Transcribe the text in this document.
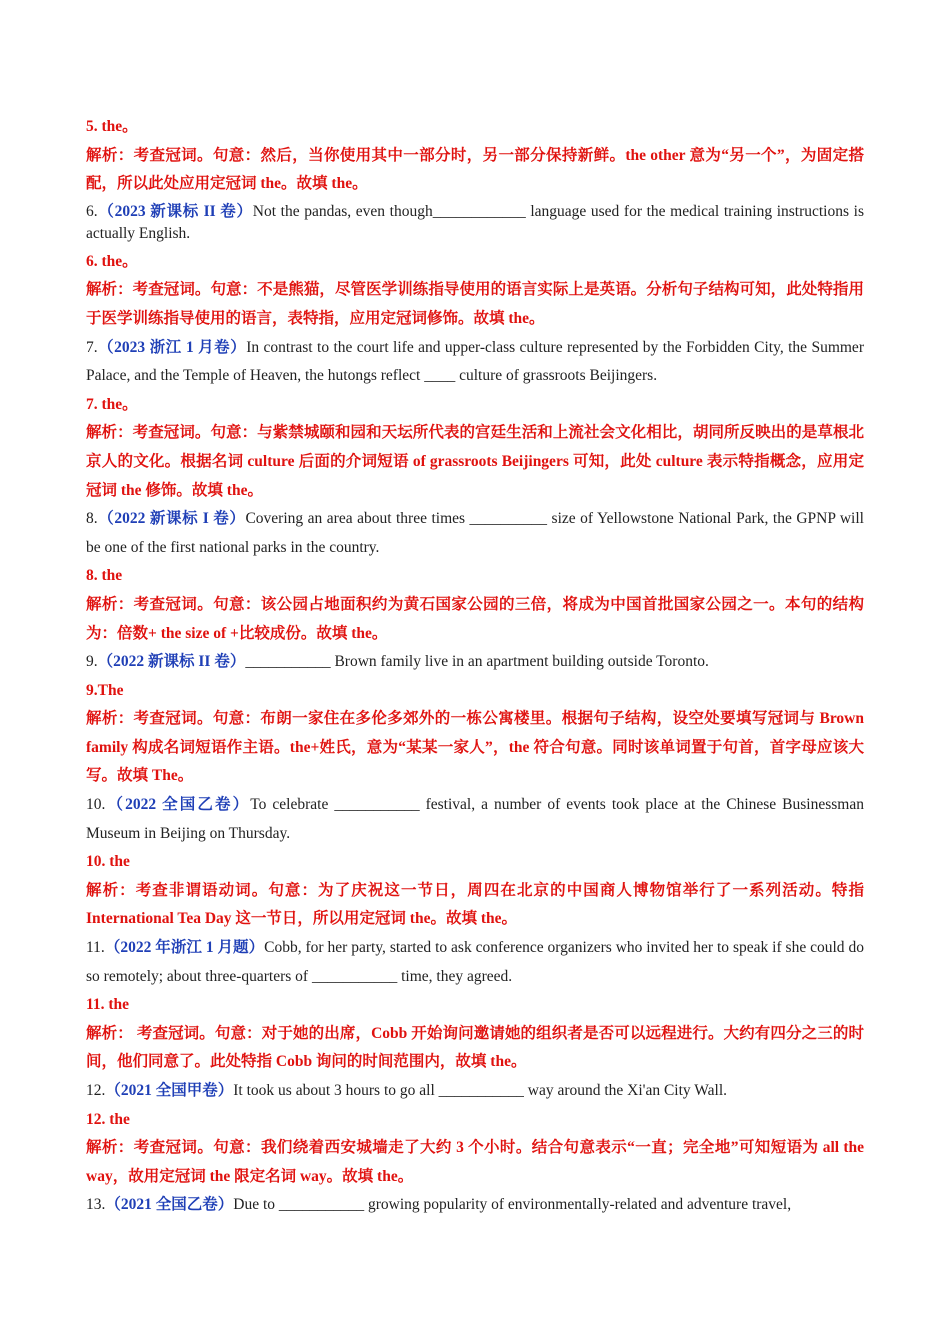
5. the。

解析：考查冠词。句意：然后，当你使用其中一部分时，另一部分保持新鲜。the other 意为“另一个”，为固定搭配，所以此处应用定冠词 the。故填 the。

6.（2023 新课标 II 卷）Not the pandas, even though____________ language used for the medical training instructions is actually English.

6. the。

解析：考查冠词。句意：不是熊猫，尽管医学训练指导使用的语言实际上是英语。分析句子结构可知，此处特指用于医学训练指导使用的语言，表特指，应用定冠词修饰。故填 the。

7.（2023 浙江 1 月卷）In contrast to the court life and upper-class culture represented by the Forbidden City, the Summer Palace, and the Temple of Heaven, the hutongs reflect ____ culture of grassroots Beijingers.

7. the。

解析：考查冠词。句意：与紫禁城颐和园和天坛所代表的宫廷生活和上流社会文化相比，胡同所反映出的是草根北京人的文化。根据名词 culture 后面的介词短语 of grassroots Beijingers 可知，此处 culture 表示特指概念，应用定冠词 the 修饰。故填 the。

8.（2022 新课标 I 卷）Covering an area about three times __________ size of Yellowstone National Park, the GPNP will be one of the first national parks in the country.

8. the

解析：考查冠词。句意：该公园占地面积约为黄石国家公园的三倍，将成为中国首批国家公园之一。本句的结构为：倍数+ the size of +比较成份。故填 the。

9.（2022 新课标 II 卷）___________ Brown family live in an apartment building outside Toronto.

9.The

解析：考查冠词。句意：布朗一家住在多伦多郊外的一栋公寓楼里。根据句子结构，设空处要填写冠词与 Brown family 构成名词短语作主语。the+姓氏，意为“某某一家人”，the 符合句意。同时该单词置于句首，首字母应该大写。故填 The。

10.（2022 全国乙卷）To celebrate ___________ festival, a number of events took place at the Chinese Businessman Museum in Beijing on Thursday.

10. the

解析：考查非谓语动词。句意：为了庆祝这一节日，周四在北京的中国商人博物馆举行了一系列活动。特指 International Tea Day 这一节日，所以用定冠词 the。故填 the。

11.（2022 年浙江 1 月题）Cobb, for her party, started to ask conference organizers who invited her to speak if she could do so remotely; about three-quarters of ___________ time, they agreed.

11. the

解析： 考查冠词。句意：对于她的出席，Cobb 开始询问邀请她的组织者是否可以远程进行。大约有四分之三的时间，他们同意了。此处特指 Cobb 询问的时间范围内，故填 the。

12.（2021 全国甲卷）It took us about 3 hours to go all ___________ way around the Xi'an City Wall.

12. the

解析：考查冠词。句意：我们绕着西安城墙走了大约 3 个小时。结合句意表示“一直；完全地”可知短语为 all the way，故用定冠词 the 限定名词 way。故填 the。

13.（2021 全国乙卷）Due to ___________ growing popularity of environmentally-related and adventure travel,
